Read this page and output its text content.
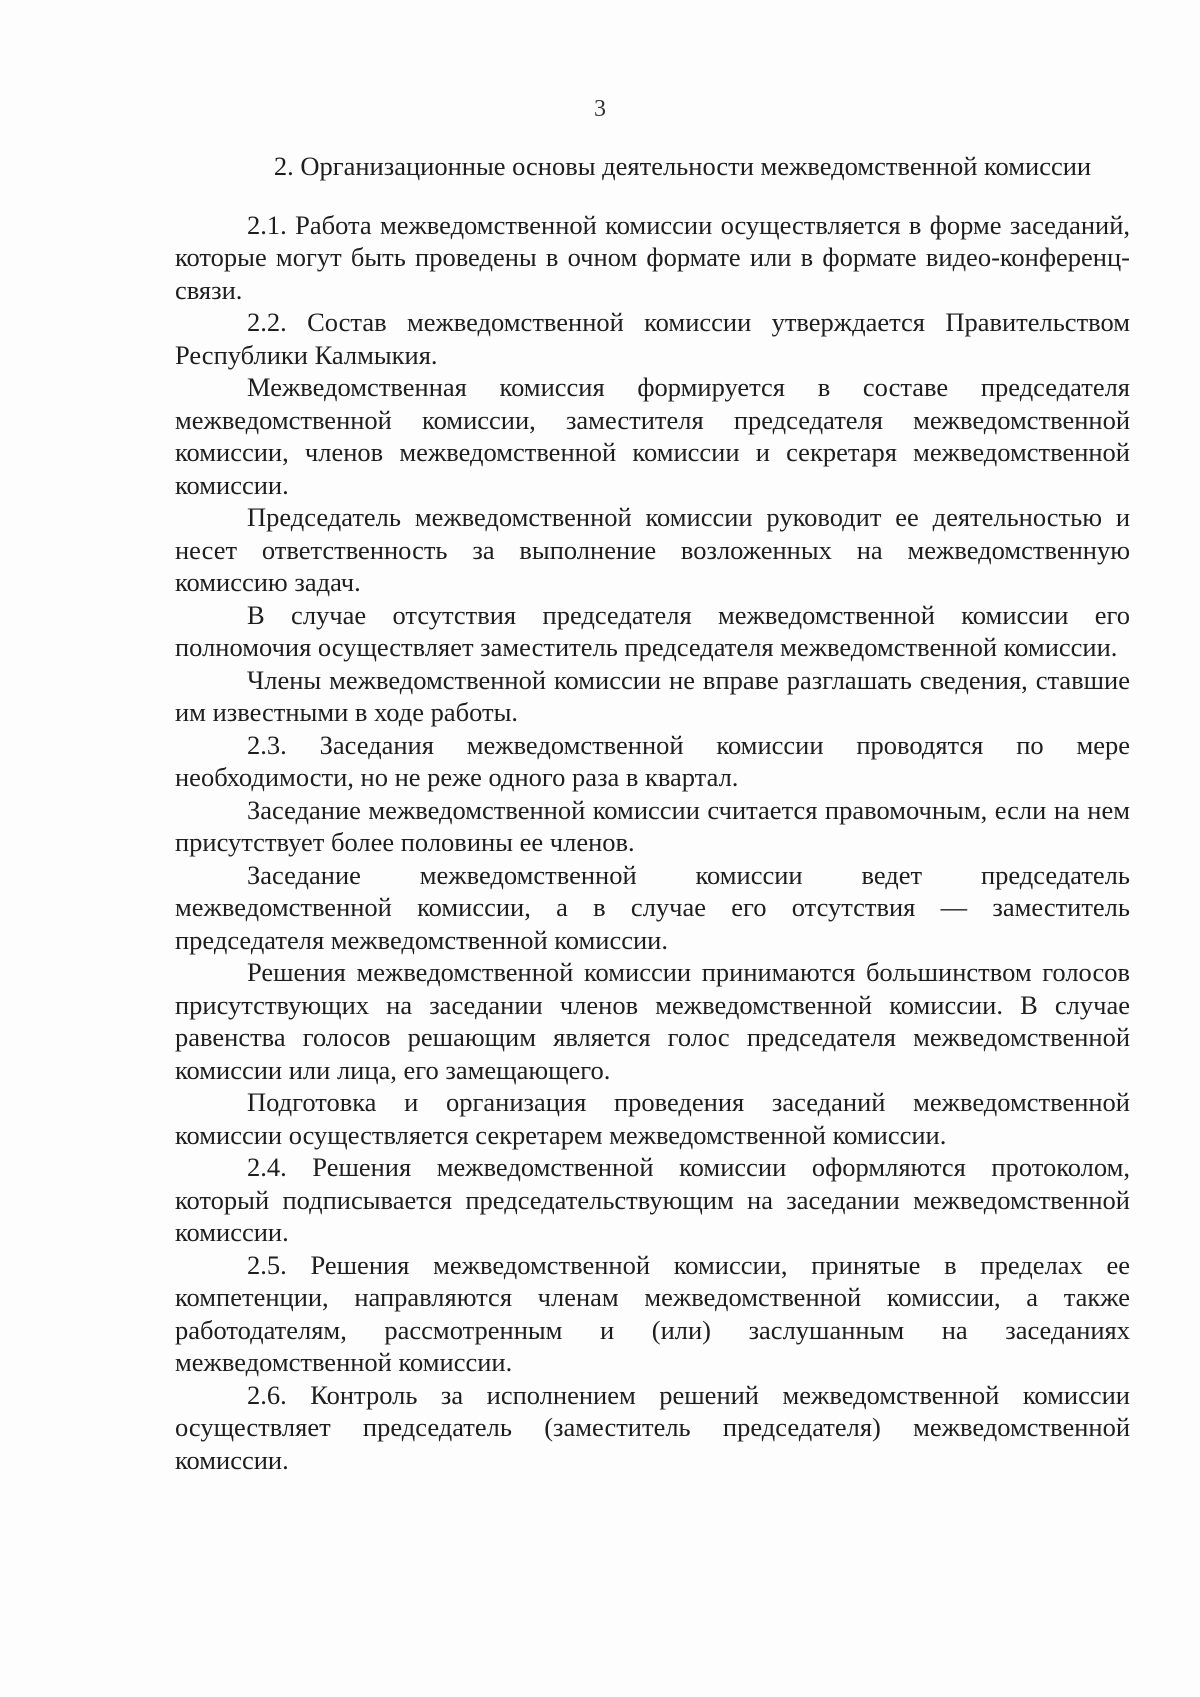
3

2. Организационные основы деятельности межведомственной комиссии

2.1. Работа межведомственной комиссии осуществляется в форме заседаний, которые могут быть проведены в очном формате или в формате видео-конференц-связи.

2.2. Состав межведомственной комиссии утверждается Правительством Республики Калмыкия.

Межведомственная комиссия формируется в составе председателя межведомственной комиссии, заместителя председателя межведомственной комиссии, членов межведомственной комиссии и секретаря межведомственной комиссии.

Председатель межведомственной комиссии руководит ее деятельностью и несет ответственность за выполнение возложенных на межведомственную комиссию задач.

В случае отсутствия председателя межведомственной комиссии его полномочия осуществляет заместитель председателя межведомственной комиссии.

Члены межведомственной комиссии не вправе разглашать сведения, ставшие им известными в ходе работы.

2.3. Заседания межведомственной комиссии проводятся по мере необходимости, но не реже одного раза в квартал.

Заседание межведомственной комиссии считается правомочным, если на нем присутствует более половины ее членов.

Заседание межведомственной комиссии ведет председатель межведомственной комиссии, а в случае его отсутствия — заместитель председателя межведомственной комиссии.

Решения межведомственной комиссии принимаются большинством голосов присутствующих на заседании членов межведомственной комиссии. В случае равенства голосов решающим является голос председателя межведомственной комиссии или лица, его замещающего.

Подготовка и организация проведения заседаний межведомственной комиссии осуществляется секретарем межведомственной комиссии.

2.4. Решения межведомственной комиссии оформляются протоколом, который подписывается председательствующим на заседании межведомственной комиссии.

2.5. Решения межведомственной комиссии, принятые в пределах ее компетенции, направляются членам межведомственной комиссии, а также работодателям, рассмотренным и (или) заслушанным на заседаниях межведомственной комиссии.

2.6. Контроль за исполнением решений межведомственной комиссии осуществляет председатель (заместитель председателя) межведомственной комиссии.
